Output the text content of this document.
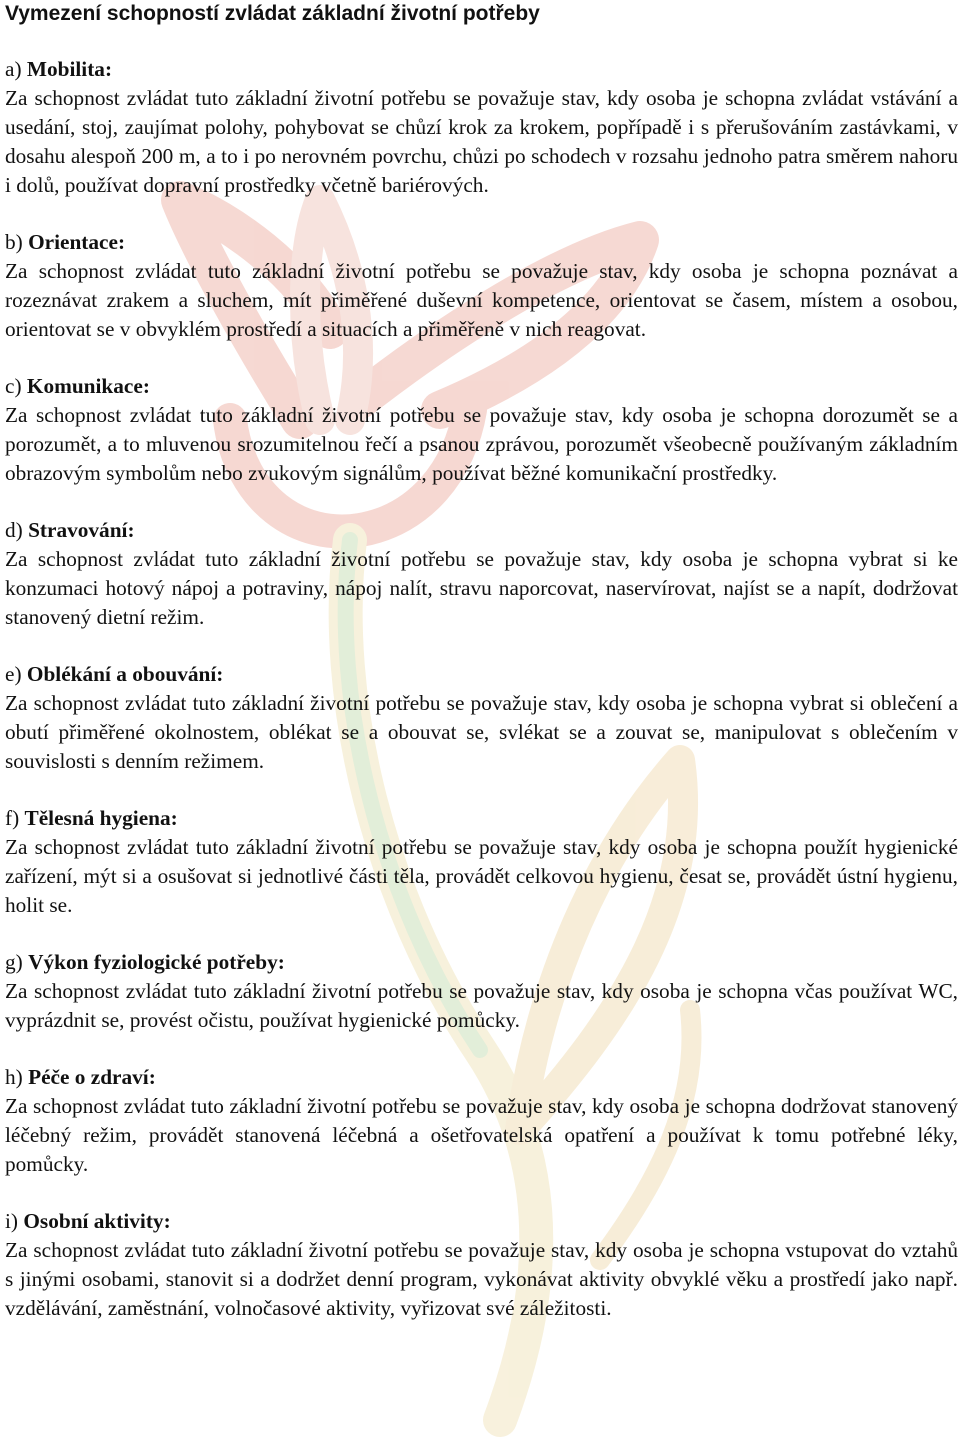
Vymezení schopností zvládat základní životní potřeby

a) Mobilita:

Za schopnost zvládat tuto základní životní potřebu se považuje stav, kdy osoba je schopna zvládat vstávání a usedání, stoj, zaujímat polohy, pohybovat se chůzí krok za krokem, popřípadě i s přerušováním zastávkami, v dosahu alespoň 200 m, a to i po nerovném povrchu, chůzi po schodech v rozsahu jednoho patra směrem nahoru i dolů, používat dopravní prostředky včetně bariérových.

b) Orientace:

Za schopnost zvládat tuto základní životní potřebu se považuje stav, kdy osoba je schopna poznávat a rozeznávat zrakem a sluchem, mít přiměřené duševní kompetence, orientovat se časem, místem a osobou, orientovat se v obvyklém prostředí a situacích a přiměřeně v nich reagovat.

c) Komunikace:

Za schopnost zvládat tuto základní životní potřebu se považuje stav, kdy osoba je schopna dorozumět se a porozumět, a to mluvenou srozumitelnou řečí a psanou zprávou, porozumět všeobecně používaným základním obrazovým symbolům nebo zvukovým signálům, používat běžné komunikační prostředky.

d) Stravování:

Za schopnost zvládat tuto základní životní potřebu se považuje stav, kdy osoba je schopna vybrat si ke konzumaci hotový nápoj a potraviny, nápoj nalít, stravu naporcovat, naservírovat, najíst se a napít, dodržovat stanovený dietní režim.

e) Oblékání a obouvání:

Za schopnost zvládat tuto základní životní potřebu se považuje stav, kdy osoba je schopna vybrat si oblečení a obutí přiměřené okolnostem, oblékat se a obouvat se, svlékat se a zouvat se, manipulovat s oblečením v souvislosti s denním režimem.

f) Tělesná hygiena:

Za schopnost zvládat tuto základní životní potřebu se považuje stav, kdy osoba je schopna použít hygienické zařízení, mýt si a osušovat si jednotlivé části těla, provádět celkovou hygienu, česat se, provádět ústní hygienu, holit se.

g) Výkon fyziologické potřeby:

Za schopnost zvládat tuto základní životní potřebu se považuje stav, kdy osoba je schopna včas používat WC, vyprázdnit se, provést očistu, používat hygienické pomůcky.

h) Péče o zdraví:

Za schopnost zvládat tuto základní životní potřebu se považuje stav, kdy osoba je schopna dodržovat stanovený léčebný režim, provádět stanovená léčebná a ošetřovatelská opatření a používat k tomu potřebné léky, pomůcky.

i) Osobní aktivity:

Za schopnost zvládat tuto základní životní potřebu se považuje stav, kdy osoba je schopna vstupovat do vztahů s jinými osobami, stanovit si a dodržet denní program, vykonávat aktivity obvyklé věku a prostředí jako např. vzdělávání, zaměstnání, volnočasové aktivity, vyřizovat své záležitosti.
